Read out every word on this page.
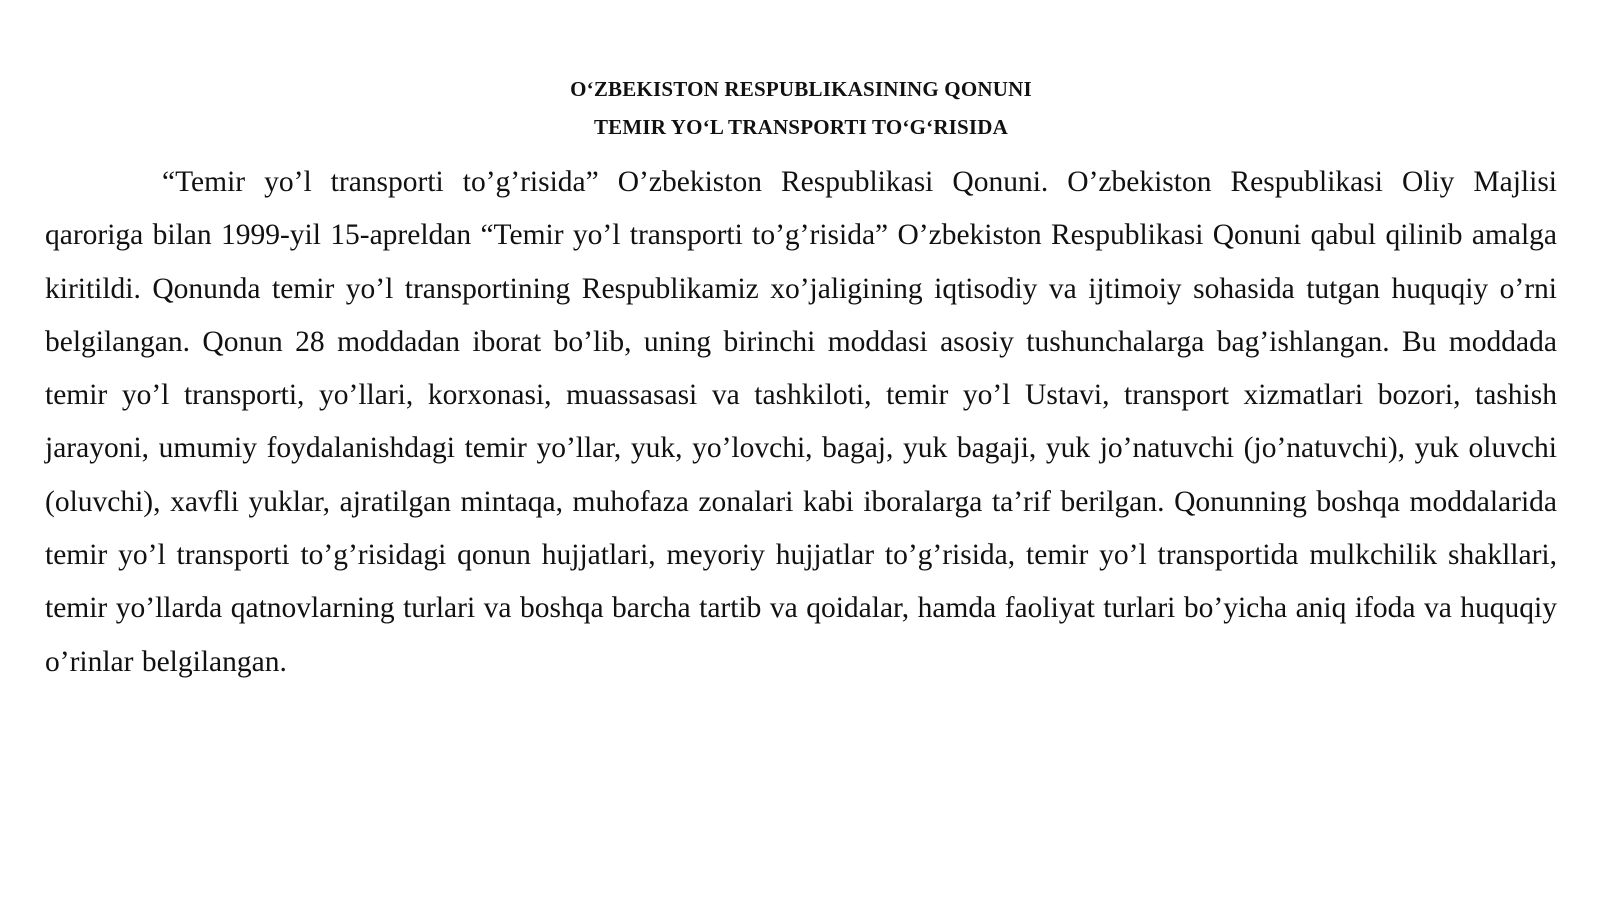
O‘ZBEKISTON RESPUBLIKASINING QONUNI
TEMIR YO‘L TRANSPORTI TO‘G‘RISIDA

“Temir yo’l transporti to’g’risida” O’zbekiston Respublikasi Qonuni. O’zbekiston Respublikasi Oliy Majlisi qaroriga bilan 1999-yil 15-apreldan “Temir yo’l transporti to’g’risida” O’zbekiston Respublikasi Qonuni qabul qilinib amalga kiritildi. Qonunda temir yo’l transportining Respublikamiz xo’jaligining iqtisodiy va ijtimoiy sohasida tutgan huquqiy o’rni belgilangan. Qonun 28 moddadan iborat bo’lib, uning birinchi moddasi asosiy tushunchalarga bag’ishlangan. Bu moddada temir yo’l transporti, yo’llari, korxonasi, muassasasi va tashkiloti, temir yo’l Ustavi, transport xizmatlari bozori, tashish jarayoni, umumiy foydalanishdagi temir yo’llar, yuk, yo’lovchi, bagaj, yuk bagaji, yuk jo’natuvchi (jo’natuvchi), yuk oluvchi (oluvchi), xavfli yuklar, ajratilgan mintaqa, muhofaza zonalari kabi iboralarga ta’rif berilgan. Qonunning boshqa moddalarida temir yo’l transporti to’g’risidagi qonun hujjatlari, meyoriy hujjatlar to’g’risida, temir yo’l transportida mulkchilik shakllari, temir yo’llarda qatnovlarning turlari va boshqa barcha tartib va qoidalar, hamda faoliyat turlari bo’yicha aniq ifoda va huquqiy o’rinlar belgilangan.
